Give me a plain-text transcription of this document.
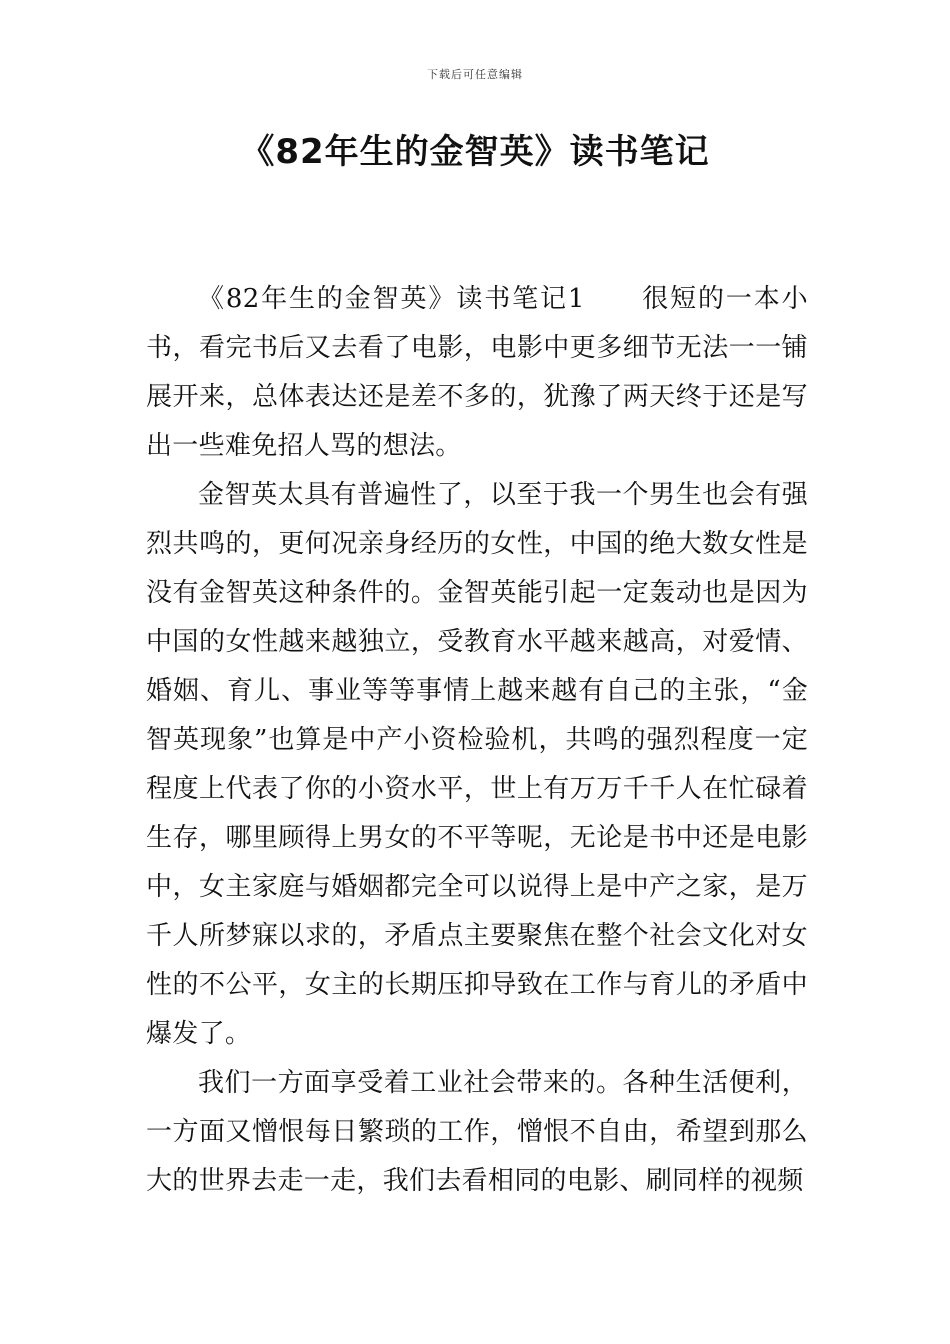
下载后可任意编辑
《82年生的金智英》读书笔记

《82年生的金智英》读书笔记1 很短的一本小书，看完书后又去看了电影，电影中更多细节无法一一铺展开来，总体表达还是差不多的，犹豫了两天终于还是写出一些难免招人骂的想法。

金智英太具有普遍性了，以至于我一个男生也会有强烈共鸣的，更何况亲身经历的女性，中国的绝大数女性是没有金智英这种条件的。金智英能引起一定轰动也是因为中国的女性越来越独立，受教育水平越来越高，对爱情、婚姻、育儿、事业等等事情上越来越有自己的主张，“金智英现象”也算是中产小资检验机，共鸣的强烈程度一定程度上代表了你的小资水平，世上有万万千千人在忙碌着生存，哪里顾得上男女的不平等呢，无论是书中还是电影中，女主家庭与婚姻都完全可以说得上是中产之家，是万千人所梦寐以求的，矛盾点主要聚焦在整个社会文化对女性的不公平，女主的长期压抑导致在工作与育儿的矛盾中爆发了。

我们一方面享受着工业社会带来的。各种生活便利，一方面又憎恨每日繁琐的工作，憎恨不自由，希望到那么大的世界去走一走，我们去看相同的电影、刷同样的视频
